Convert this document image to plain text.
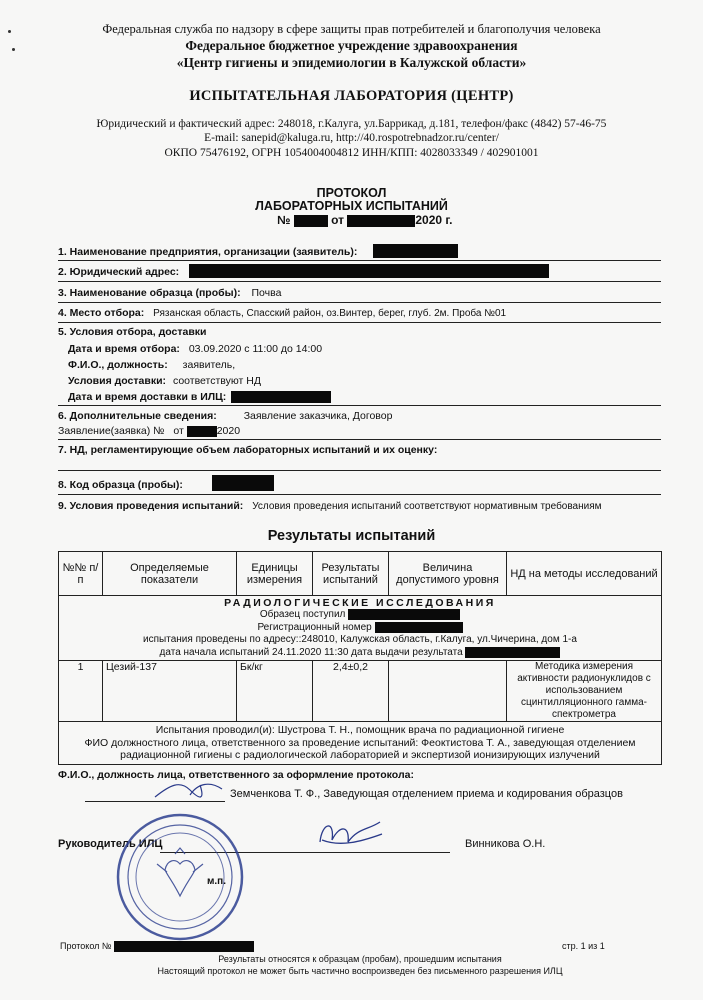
Федеральная служба по надзору в сфере защиты прав потребителей и благополучия человека
Федеральное бюджетное учреждение здравоохранения
«Центр гигиены и эпидемиологии в Калужской области»
ИСПЫТАТЕЛЬНАЯ ЛАБОРАТОРИЯ (ЦЕНТР)
Юридический и фактический адрес: 248018, г.Калуга, ул.Баррикад, д.181, телефон/факс (4842) 57-46-75
E-mail: sanepid@kaluga.ru, http://40.rospotrebnadzor.ru/center/
ОКПО 75476192, ОГРН 1054004004812 ИНН/КПП: 4028033349 / 402901001
ПРОТОКОЛ
ЛАБОРАТОРНЫХ ИСПЫТАНИЙ
№	от	2020 г.
1. Наименование предприятия, организации (заявитель):
2. Юридический адрес:
3. Наименование образца (пробы): Почва
4. Место отбора: Рязанская область, Спасский район, оз.Винтер, берег, глуб. 2м. Проба №01
5. Условия отбора, доставки
Дата и время отбора: 03.09.2020 с 11:00 до 14:00
Ф.И.О., должность: заявитель,
Условия доставки: соответствуют НД
Дата и время доставки в ИЛЦ:
6. Дополнительные сведения:	Заявление заказчика, Договор
Заявление(заявка) № от	2020
7. НД, регламентирующие объем лабораторных испытаний и их оценку:
8. Код образца (пробы):
9. Условия проведения испытаний: Условия проведения испытаний соответствуют нормативным требованиям
Результаты испытаний
№№ п/п	Определяемые показатели	Единицы измерения	Результаты испытаний	Величина допустимого уровня	НД на методы исследований

РАДИОЛОГИЧЕСКИЕ ИССЛЕДОВАНИЯ
Образец поступил
Регистрационный номер
испытания проведены по адресу::248010, Калужская область, г.Калуга, ул.Чичерина, дом 1-а
дата начала испытаний 24.11.2020 11:30 дата выдачи результата					

1	Цезий-137	Бк/кг	2,4±0,2		Методика измерения активности радионуклидов с использованием сцинтилляционного гамма-спектрометра

Испытания проводил(и): Шустрова Т. Н., помощник врача по радиационной гигиене
ФИО должностного лица, ответственного за проведение испытаний: Феоктистова Т. А., заведующая отделением радиационной гигиены с радиологической лабораторией и экспертизой ионизирующих излучений					
Ф.И.О., должность лица, ответственного за оформление протокола:
Земченкова Т. Ф., Заведующая отделением приема и кодирования образцов
Руководитель ИЛЦ	Винникова О.Н.
м.п.
Протокол №	стр. 1 из 1
Результаты относятся к образцам (пробам), прошедшим испытания
Настоящий протокол не может быть частично воспроизведен без письменного разрешения ИЛЦ
